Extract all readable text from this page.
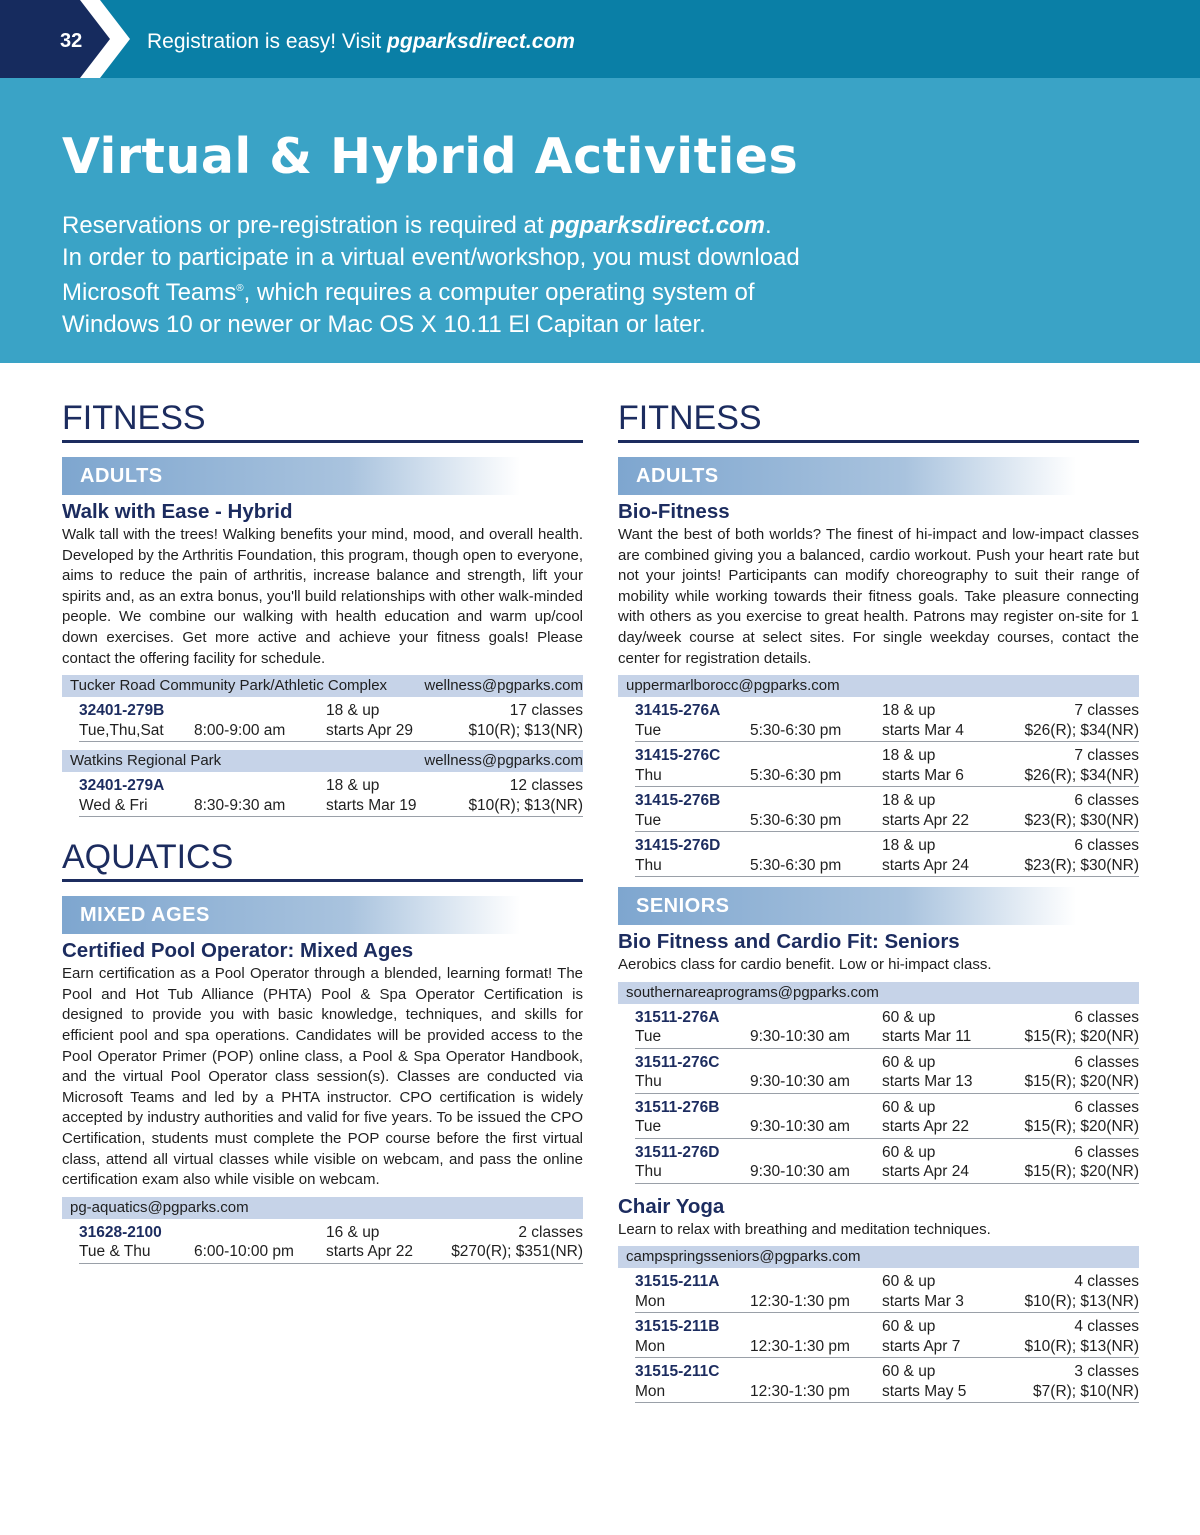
32	Registration is easy! Visit pgparksdirect.com
Virtual & Hybrid Activities
Reservations or pre-registration is required at pgparksdirect.com.
In order to participate in a virtual event/workshop, you must download
Microsoft Teams®, which requires a computer operating system of
Windows 10 or newer or Mac OS X 10.11 El Capitan or later.
FITNESS
ADULTS
Walk with Ease - Hybrid
Walk tall with the trees! Walking benefits your mind, mood, and overall health. Developed by the Arthritis Foundation, this program, though open to everyone, aims to reduce the pain of arthritis, increase balance and strength, lift your spirits and, as an extra bonus, you'll build relationships with other walk-minded people. We combine our walking with health education and warm up/cool down exercises. Get more active and achieve your fitness goals! Please contact the offering facility for schedule.
Tucker Road Community Park/Athletic Complex wellness@pgparks.com
32401-279B	18 & up	17 classes
Tue,Thu,Sat	8:00-9:00 am	starts Apr 29	$10(R); $13(NR)
Watkins Regional Park	wellness@pgparks.com
32401-279A	18 & up	12 classes
Wed & Fri	8:30-9:30 am	starts Mar 19	$10(R); $13(NR)
AQUATICS
MIXED AGES
Certified Pool Operator: Mixed Ages
Earn certification as a Pool Operator through a blended, learning format! The Pool and Hot Tub Alliance (PHTA) Pool & Spa Operator Certification is designed to provide you with basic knowledge, techniques, and skills for efficient pool and spa operations. Candidates will be provided access to the Pool Operator Primer (POP) online class, a Pool & Spa Operator Handbook, and the virtual Pool Operator class session(s). Classes are conducted via Microsoft Teams and led by a PHTA instructor. CPO certification is widely accepted by industry authorities and valid for five years. To be issued the CPO Certification, students must complete the POP course before the first virtual class, attend all virtual classes while visible on webcam, and pass the online certification exam also while visible on webcam.
pg-aquatics@pgparks.com
31628-2100	16 & up	2 classes
Tue & Thu	6:00-10:00 pm	starts Apr 22	$270(R); $351(NR)
FITNESS
ADULTS
Bio-Fitness
Want the best of both worlds? The finest of hi-impact and low-impact classes are combined giving you a balanced, cardio workout. Push your heart rate but not your joints! Participants can modify choreography to suit their range of mobility while working towards their fitness goals. Take pleasure connecting with others as you exercise to great health. Patrons may register on-site for 1 day/week course at select sites. For single weekday courses, contact the center for registration details.
uppermarlborocc@pgparks.com
31415-276A	18 & up	7 classes
Tue	5:30-6:30 pm	starts Mar 4	$26(R); $34(NR)
31415-276C	18 & up	7 classes
Thu	5:30-6:30 pm	starts Mar 6	$26(R); $34(NR)
31415-276B	18 & up	6 classes
Tue	5:30-6:30 pm	starts Apr 22	$23(R); $30(NR)
31415-276D	18 & up	6 classes
Thu	5:30-6:30 pm	starts Apr 24	$23(R); $30(NR)
SENIORS
Bio Fitness and Cardio Fit: Seniors
Aerobics class for cardio benefit. Low or hi-impact class.
southernareaprograms@pgparks.com
31511-276A	60 & up	6 classes
Tue	9:30-10:30 am	starts Mar 11	$15(R); $20(NR)
31511-276C	60 & up	6 classes
Thu	9:30-10:30 am	starts Mar 13	$15(R); $20(NR)
31511-276B	60 & up	6 classes
Tue	9:30-10:30 am	starts Apr 22	$15(R); $20(NR)
31511-276D	60 & up	6 classes
Thu	9:30-10:30 am	starts Apr 24	$15(R); $20(NR)
Chair Yoga
Learn to relax with breathing and meditation techniques.
campspringsseniors@pgparks.com
31515-211A	60 & up	4 classes
Mon	12:30-1:30 pm	starts Mar 3	$10(R); $13(NR)
31515-211B	60 & up	4 classes
Mon	12:30-1:30 pm	starts Apr 7	$10(R); $13(NR)
31515-211C	60 & up	3 classes
Mon	12:30-1:30 pm	starts May 5	$7(R); $10(NR)
